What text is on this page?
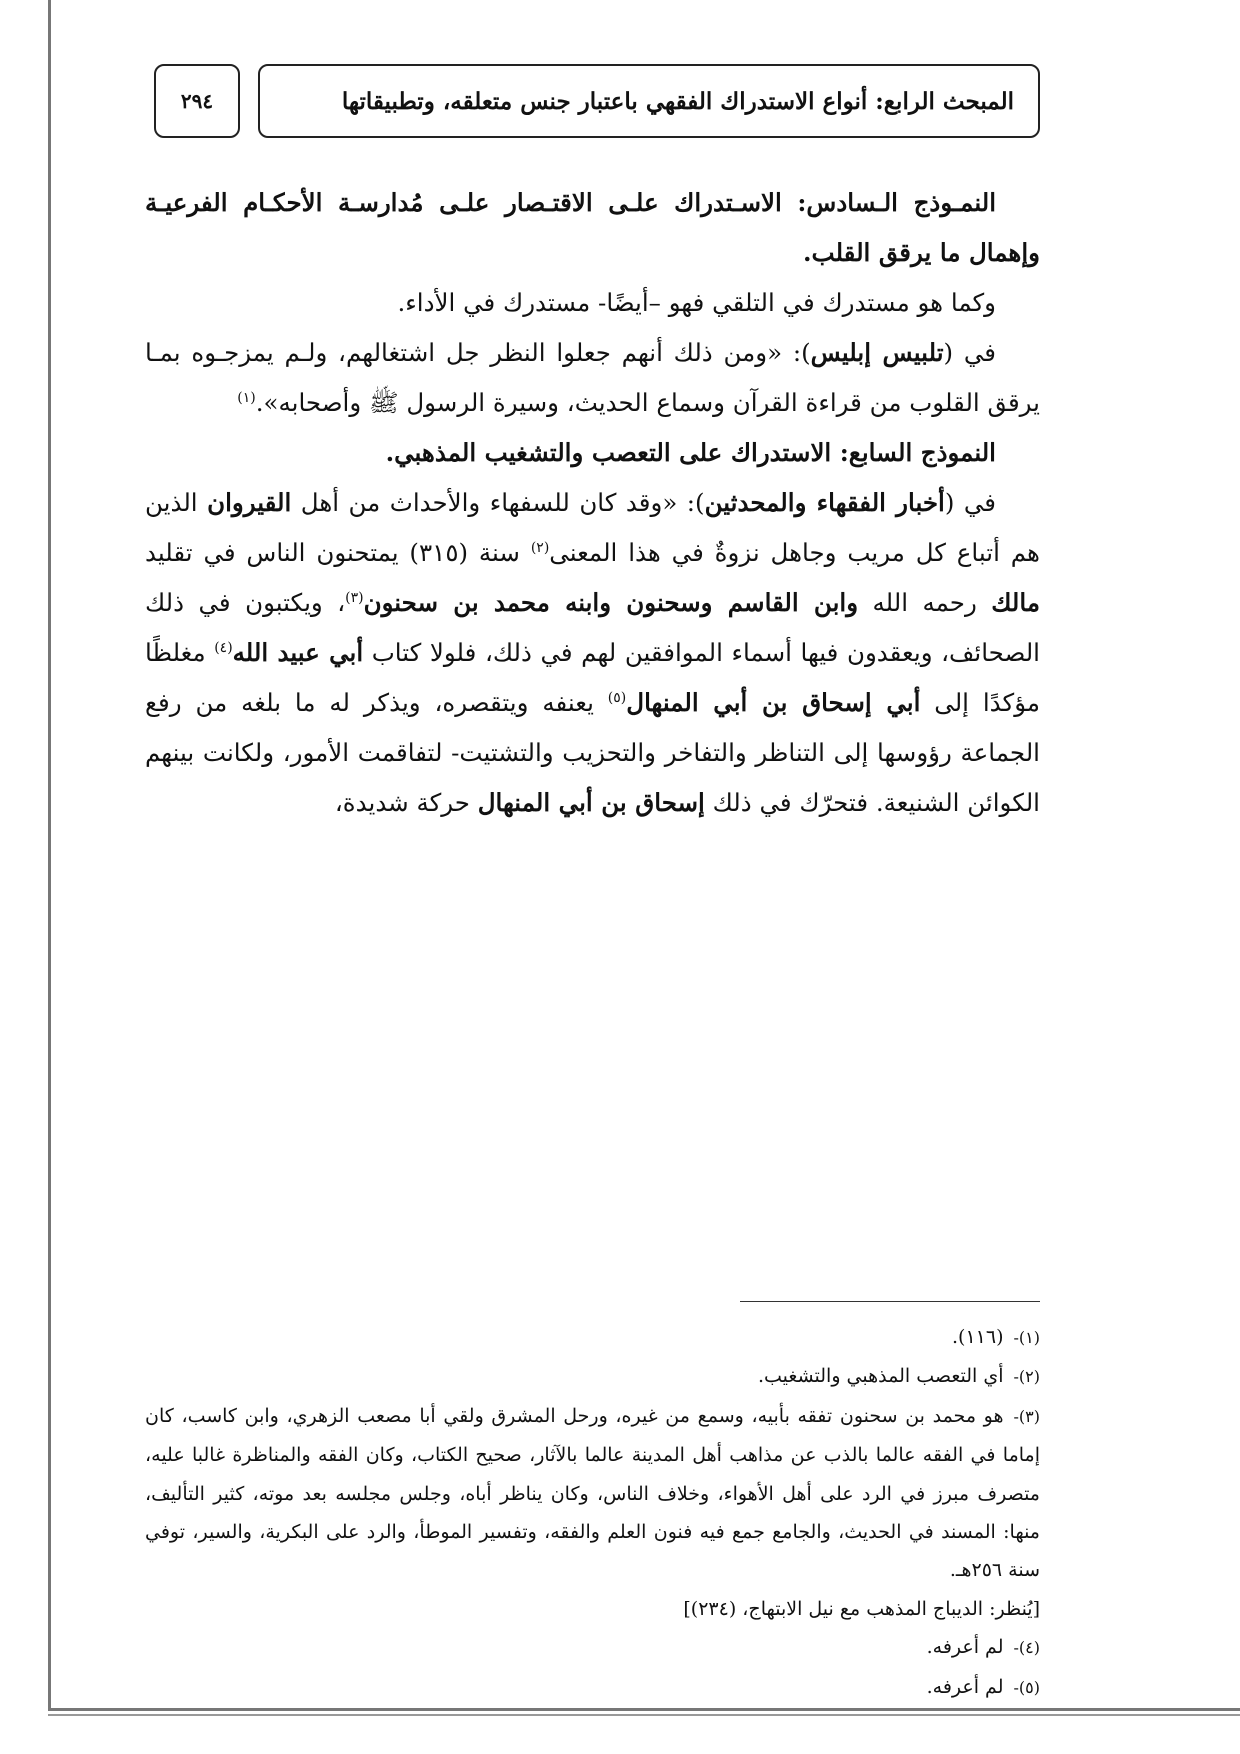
٢٩٤	المبحث الرابع: أنواع الاستدراك الفقهي باعتبار جنس متعلقه، وتطبيقاتها

النمـوذج الـسادس: الاسـتدراك علـى الاقتـصار علـى مُدارسـة الأحكـام الفرعيـة وإهمال ما يرقق القلب.

وكما هو مستدرك في التلقي فهو –أيضًا- مستدرك في الأداء.

في (تلبيس إبليس): «ومن ذلك أنهم جعلوا النظر جل اشتغالهم، ولـم يمزجـوه بمـا يرقق القلوب من قراءة القرآن وسماع الحديث، وسيرة الرسول ﷺ وأصحابه».$^{(١)}$

النموذج السابع: الاستدراك على التعصب والتشغيب المذهبي.

في (أخبار الفقهاء والمحدثين): «وقد كان للسفهاء والأحداث من أهل القيروان الذين هم أتباع كل مريب وجاهل نزوةٌ في هذا المعنى$^{(٢)}$ سنة (٣١٥) يمتحنون الناس في تقليد مالك رحمه الله وابن القاسم وسحنون وابنه محمد بن سحنون$^{(٣)}$، ويكتبون في ذلك الصحائف، ويعقدون فيها أسماء الموافقين لهم في ذلك، فلولا كتاب أبي عبيد الله$^{(٤)}$ مغلظًا مؤكدًا إلى أبي إسحاق بن أبي المنهال$^{(٥)}$ يعنفه ويتقصره، ويذكر له ما بلغه من رفع الجماعة رؤوسها إلى التناظر والتفاخر والتحزيب والتشتيت- لتفاقمت الأمور، ولكانت بينهم الكوائن الشنيعة. فتحرّك في ذلك إسحاق بن أبي المنهال حركة شديدة،

(١)-(١١٦).

(٢)-أي التعصب المذهبي والتشغيب.

(٣)-هو محمد بن سحنون تفقه بأبيه، وسمع من غيره، ورحل المشرق ولقي أبا مصعب الزهري، وابن كاسب، كان إماما في الفقه عالما بالذب عن مذاهب أهل المدينة عالما بالآثار، صحيح الكتاب، وكان الفقه والمناظرة غالبا عليه، متصرف مبرز في الرد على أهل الأهواء، وخلاف الناس، وكان يناظر أباه، وجلس مجلسه بعد موته، كثير التأليف، منها: المسند في الحديث، والجامع جمع فيه فنون العلم والفقه، وتفسير الموطأ، والرد على البكرية، والسير، توفي سنة ٢٥٦هـ.

[يُنظر: الديباج المذهب مع نيل الابتهاج، (٢٣٤)]

(٤)-لم أعرفه.

(٥)-لم أعرفه.
